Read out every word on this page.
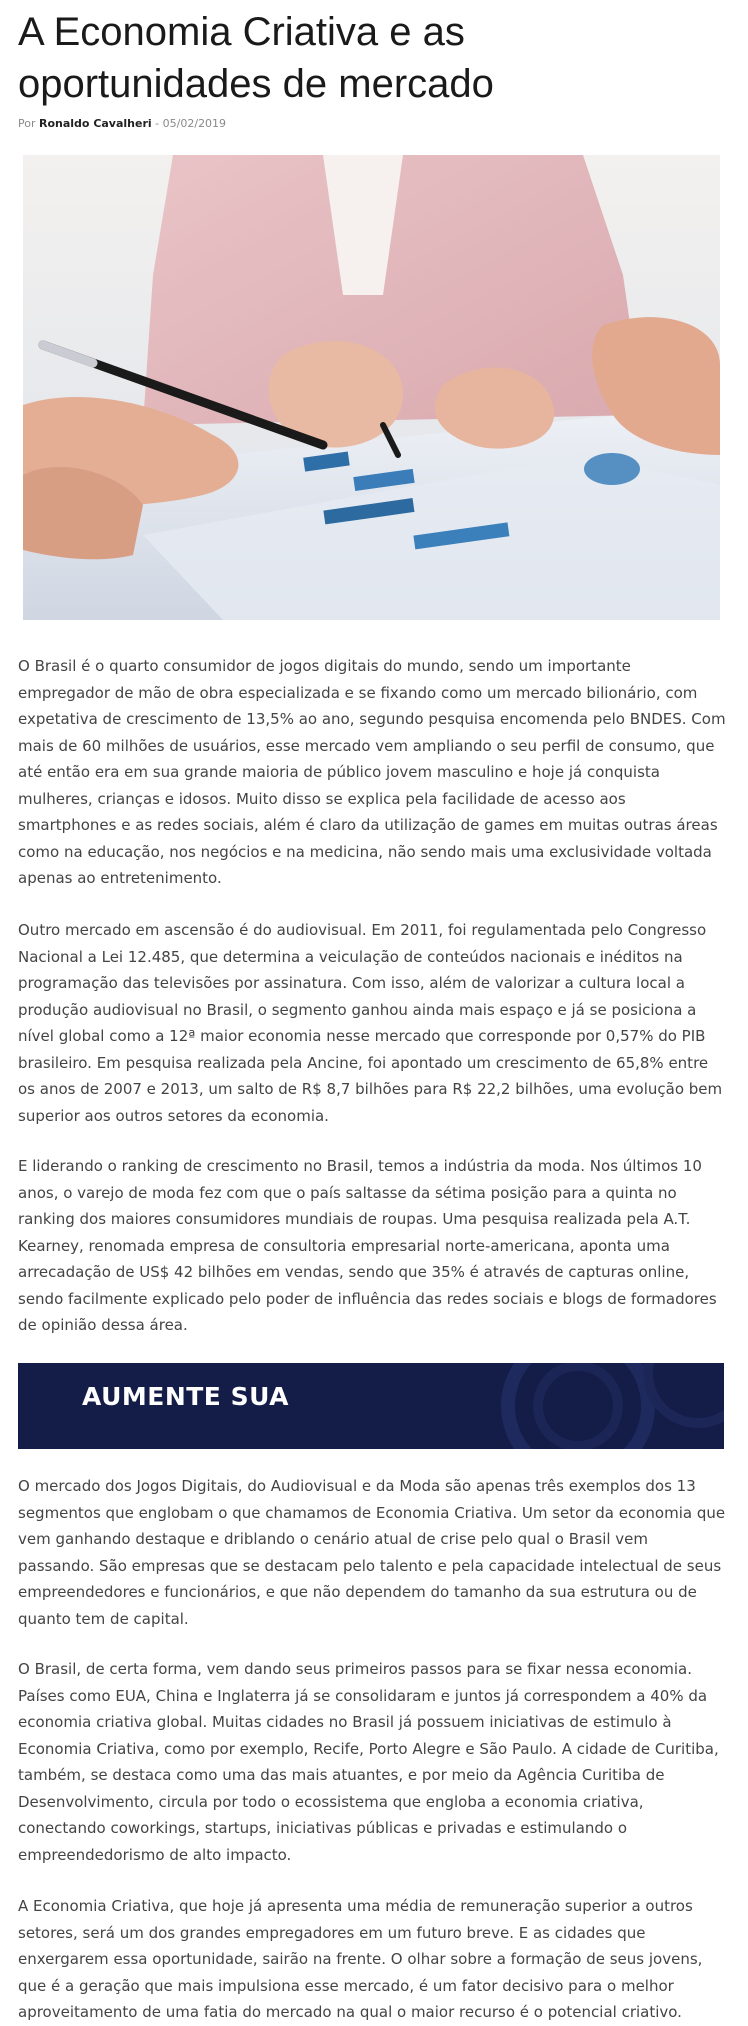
A Economia Criativa e as oportunidades de mercado
Por Ronaldo Cavalheri - 05/02/2019

O Brasil é o quarto consumidor de jogos digitais do mundo, sendo um importante empregador de mão de obra especializada e se fixando como um mercado bilionário, com expetativa de crescimento de 13,5% ao ano, segundo pesquisa encomenda pelo BNDES. Com mais de 60 milhões de usuários, esse mercado vem ampliando o seu perfil de consumo, que até então era em sua grande maioria de público jovem masculino e hoje já conquista mulheres, crianças e idosos. Muito disso se explica pela facilidade de acesso aos smartphones e as redes sociais, além é claro da utilização de games em muitas outras áreas como na educação, nos negócios e na medicina, não sendo mais uma exclusividade voltada apenas ao entretenimento.

Outro mercado em ascensão é do audiovisual. Em 2011, foi regulamentada pelo Congresso Nacional a Lei 12.485, que determina a veiculação de conteúdos nacionais e inéditos na programação das televisões por assinatura. Com isso, além de valorizar a cultura local a produção audiovisual no Brasil, o segmento ganhou ainda mais espaço e já se posiciona a nível global como a 12ª maior economia nesse mercado que corresponde por 0,57% do PIB brasileiro. Em pesquisa realizada pela Ancine, foi apontado um crescimento de 65,8% entre os anos de 2007 e 2013, um salto de R$ 8,7 bilhões para R$ 22,2 bilhões, uma evolução bem superior aos outros setores da economia.

E liderando o ranking de crescimento no Brasil, temos a indústria da moda. Nos últimos 10 anos, o varejo de moda fez com que o país saltasse da sétima posição para a quinta no ranking dos maiores consumidores mundiais de roupas. Uma pesquisa realizada pela A.T. Kearney, renomada empresa de consultoria empresarial norte-americana, aponta uma arrecadação de US$ 42 bilhões em vendas, sendo que 35% é através de capturas online, sendo facilmente explicado pelo poder de influência das redes sociais e blogs de formadores de opinião dessa área.

AUMENTE SUA

O mercado dos Jogos Digitais, do Audiovisual e da Moda são apenas três exemplos dos 13 segmentos que englobam o que chamamos de Economia Criativa. Um setor da economia que vem ganhando destaque e driblando o cenário atual de crise pelo qual o Brasil vem passando. São empresas que se destacam pelo talento e pela capacidade intelectual de seus empreendedores e funcionários, e que não dependem do tamanho da sua estrutura ou de quanto tem de capital.

O Brasil, de certa forma, vem dando seus primeiros passos para se fixar nessa economia. Países como EUA, China e Inglaterra já se consolidaram e juntos já correspondem a 40% da economia criativa global. Muitas cidades no Brasil já possuem iniciativas de estimulo à Economia Criativa, como por exemplo, Recife, Porto Alegre e São Paulo. A cidade de Curitiba, também, se destaca como uma das mais atuantes, e por meio da Agência Curitiba de Desenvolvimento, circula por todo o ecossistema que engloba a economia criativa, conectando coworkings, startups, iniciativas públicas e privadas e estimulando o empreendedorismo de alto impacto.

A Economia Criativa, que hoje já apresenta uma média de remuneração superior a outros setores, será um dos grandes empregadores em um futuro breve. E as cidades que enxergarem essa oportunidade, sairão na frente. O olhar sobre a formação de seus jovens, que é a geração que mais impulsiona esse mercado, é um fator decisivo para o melhor aproveitamento de uma fatia do mercado na qual o maior recurso é o potencial criativo.
